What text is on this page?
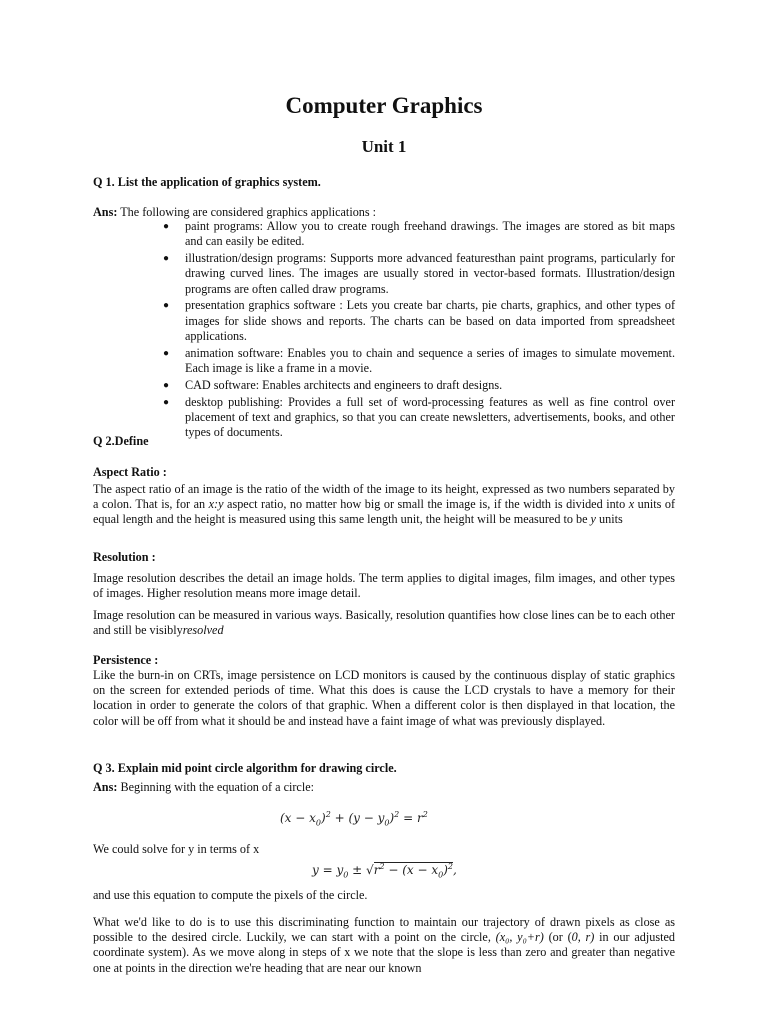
Computer Graphics
Unit 1
Q 1. List the application of graphics system.
Ans: The following are considered graphics applications :
● paint programs: Allow you to create rough freehand drawings. The images are stored as bit maps and can easily be edited.
● illustration/design programs: Supports more advanced featuresthan paint programs, particularly for drawing curved lines. The images are usually stored in vector-based formats. Illustration/design programs are often called draw programs.
● presentation graphics software : Lets you create bar charts, pie charts, graphics, and other types of images for slide shows and reports. The charts can be based on data imported from spreadsheet applications.
● animation software: Enables you to chain and sequence a series of images to simulate movement. Each image is like a frame in a movie.
● CAD software: Enables architects and engineers to draft designs.
● desktop publishing: Provides a full set of word-processing features as well as fine control over placement of text and graphics, so that you can create newsletters, advertisements, books, and other types of documents.
Q 2.Define
Aspect Ratio :
The aspect ratio of an image is the ratio of the width of the image to its height, expressed as two numbers separated by a colon. That is, for an x:y aspect ratio, no matter how big or small the image is, if the width is divided into x units of equal length and the height is measured using this same length unit, the height will be measured to be y units
Resolution :
Image resolution describes the detail an image holds. The term applies to digital images, film images, and other types of images. Higher resolution means more image detail.
Image resolution can be measured in various ways. Basically, resolution quantifies how close lines can be to each other and still be visiblyresolved
Persistence :
Like the burn-in on CRTs, image persistence on LCD monitors is caused by the continuous display of static graphics on the screen for extended periods of time. What this does is cause the LCD crystals to have a memory for their location in order to generate the colors of that graphic. When a different color is then displayed in that location, the color will be off from what it should be and instead have a faint image of what was previously displayed.
Q 3. Explain mid point circle algorithm for drawing circle.
Ans: Beginning with the equation of a circle:
$(x - x_0)^2 + (y - y_0)^2 = r^2$
We could solve for y in terms of x
$y = y_0 \pm √r^2 - (x - x_0)^2$,
and use this equation to compute the pixels of the circle.
What we'd like to do is to use this discriminating function to maintain our trajectory of drawn pixels as close as possible to the desired circle. Luckily, we can start with a point on the circle, (x₀, y₀+r) (or (0, r) in our adjusted coordinate system). As we move along in steps of x we note that the slope is less than zero and greater than negative one at points in the direction we're heading that are near our known
